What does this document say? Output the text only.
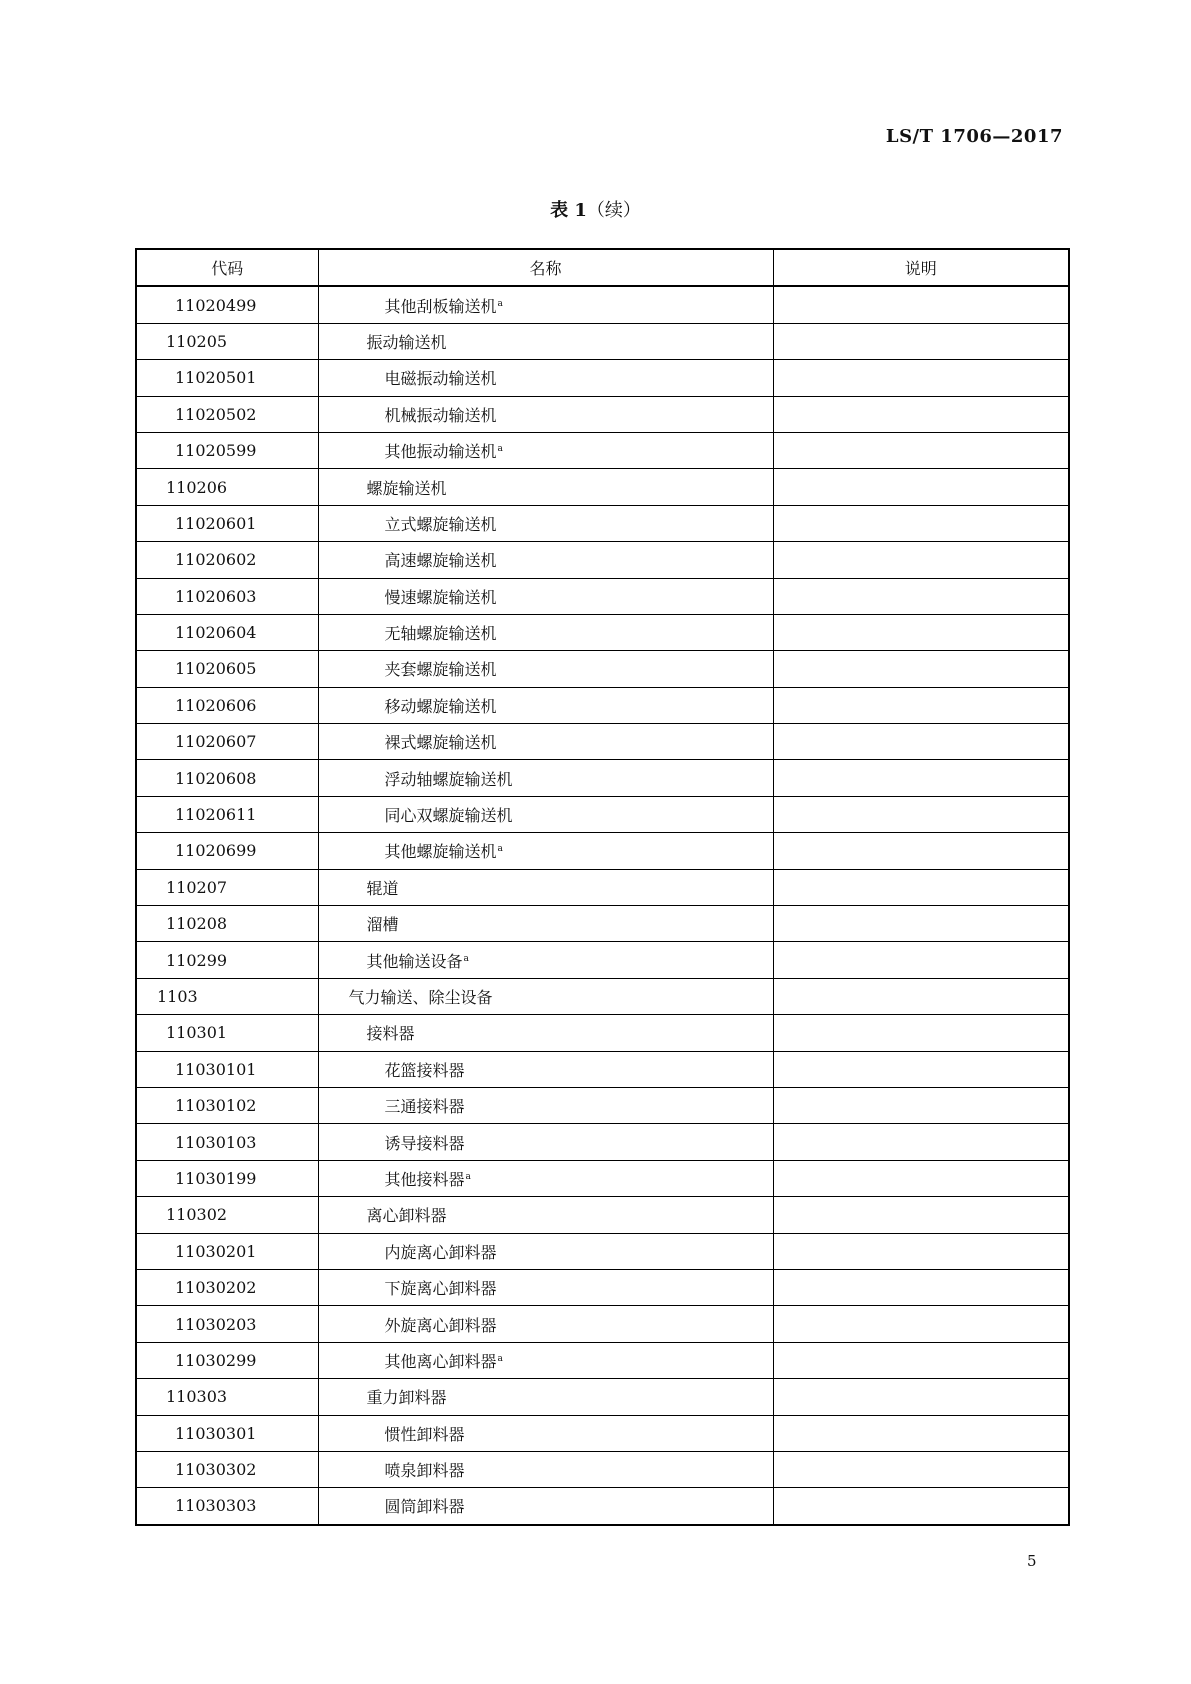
LS/T 1706—2017
表 1（续）
代码	名称	说明
11020499	其他刮板输送机$^a$	
110205	振动输送机	
11020501	电磁振动输送机	
11020502	机械振动输送机	
11020599	其他振动输送机$^a$	
110206	螺旋输送机	
11020601	立式螺旋输送机	
11020602	高速螺旋输送机	
11020603	慢速螺旋输送机	
11020604	无轴螺旋输送机	
11020605	夹套螺旋输送机	
11020606	移动螺旋输送机	
11020607	裸式螺旋输送机	
11020608	浮动轴螺旋输送机	
11020611	同心双螺旋输送机	
11020699	其他螺旋输送机$^a$	
110207	辊道	
110208	溜槽	
110299	其他输送设备$^a$	
1103	气力输送、除尘设备	
110301	接料器	
11030101	花篮接料器	
11030102	三通接料器	
11030103	诱导接料器	
11030199	其他接料器$^a$	
110302	离心卸料器	
11030201	内旋离心卸料器	
11030202	下旋离心卸料器	
11030203	外旋离心卸料器	
11030299	其他离心卸料器$^a$	
110303	重力卸料器	
11030301	惯性卸料器	
11030302	喷泉卸料器	
11030303	圆筒卸料器	
5
